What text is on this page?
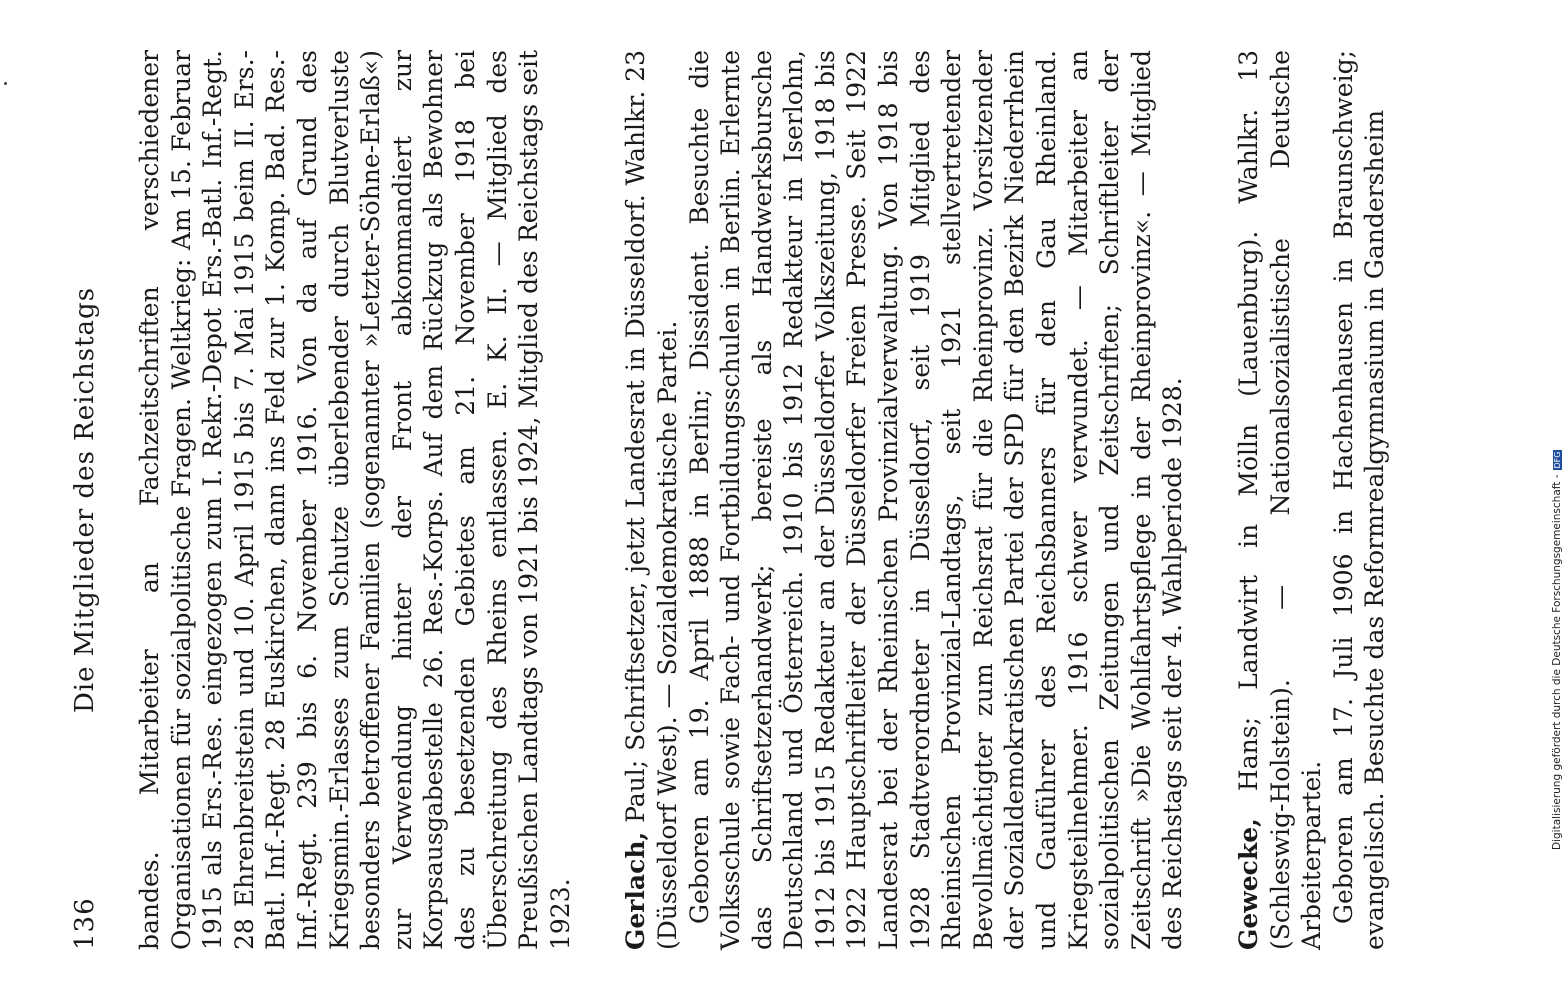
136
Die Mitglieder des Reichstags bandes. Mitarbeiter an Fachzeitschriften verschiedener Organisationen für sozialpolitische Fragen. Weltkrieg: Am 15. Februar 1915 als Ers.-Res. eingezogen zum I. Rekr.-Depot Ers.-Batl. Inf.-Regt. 28 Ehrenbreitstein und 10. April 1915 bis 7. Mai 1915 beim II. Ers.-Batl. Inf.-Regt. 28 Euskirchen, dann ins Feld zur 1. Komp. Bad. Res.-Inf.-Regt. 239 bis 6. November 1916. Von da auf Grund des Kriegsmin.-Erlasses zum Schutze überlebender durch Blutverluste besonders betroffener Familien (sogenannter »Letzter-Söhne-Erlaß«) zur Verwendung hinter der Front abkommandiert zur Korpsausgabestelle 26. Res.-Korps. Auf dem Rückzug als Bewohner des zu besetzenden Gebietes am 21. November 1918 bei Überschreitung des Rheins entlassen. E. K. II. — Mitglied des Preußischen Landtags von 1921 bis 1924, Mitglied des Reichstags seit 1923. Gerlach, Paul; Schriftsetzer, jetzt Landesrat in Düsseldorf. Wahlkr. 23 (Düsseldorf West). — Sozialdemokratische Partei. Geboren am 19. April 1888 in Berlin; Dissident. Besuchte die Volksschule sowie Fach- und Fortbildungsschulen in Berlin. Erlernte das Schriftsetzerhandwerk; bereiste als Handwerksbursche Deutschland und Österreich. 1910 bis 1912 Redakteur in Iserlohn, 1912 bis 1915 Redakteur an der Düsseldorfer Volkszeitung, 1918 bis 1922 Hauptschriftleiter der Düsseldorfer Freien Presse. Seit 1922 Landesrat bei der Rheinischen Provinzialverwaltung. Von 1918 bis 1928 Stadtverordneter in Düsseldorf, seit 1919 Mitglied des Rheinischen Provinzial-Landtags, seit 1921 stellvertretender Bevollmächtigter zum Reichsrat für die Rheinprovinz. Vorsitzender der Sozialdemokratischen Partei der SPD für den Bezirk Niederrhein und Gauführer des Reichsbanners für den Gau Rheinland. Kriegsteilnehmer. 1916 schwer verwundet. — Mitarbeiter an sozialpolitischen Zeitungen und Zeitschriften; Schriftleiter der Zeitschrift »Die Wohlfahrtspflege in der Rheinprovinz«. — Mitglied des Reichstags seit der 4. Wahlperiode 1928. Gewecke, Hans; Landwirt in Mölln (Lauenburg). Wahlkr. 13 (Schleswig-Holstein). — Nationalsozialistische Deutsche Arbeiterpartei. Geboren am 17. Juli 1906 in Hachenhausen in Braunschweig; evangelisch. Besuchte das Reformrealgymnasium in Gandersheim	Digitalisierung gefördert durch die Deutsche Forschungsgemeinschaft -DFG
